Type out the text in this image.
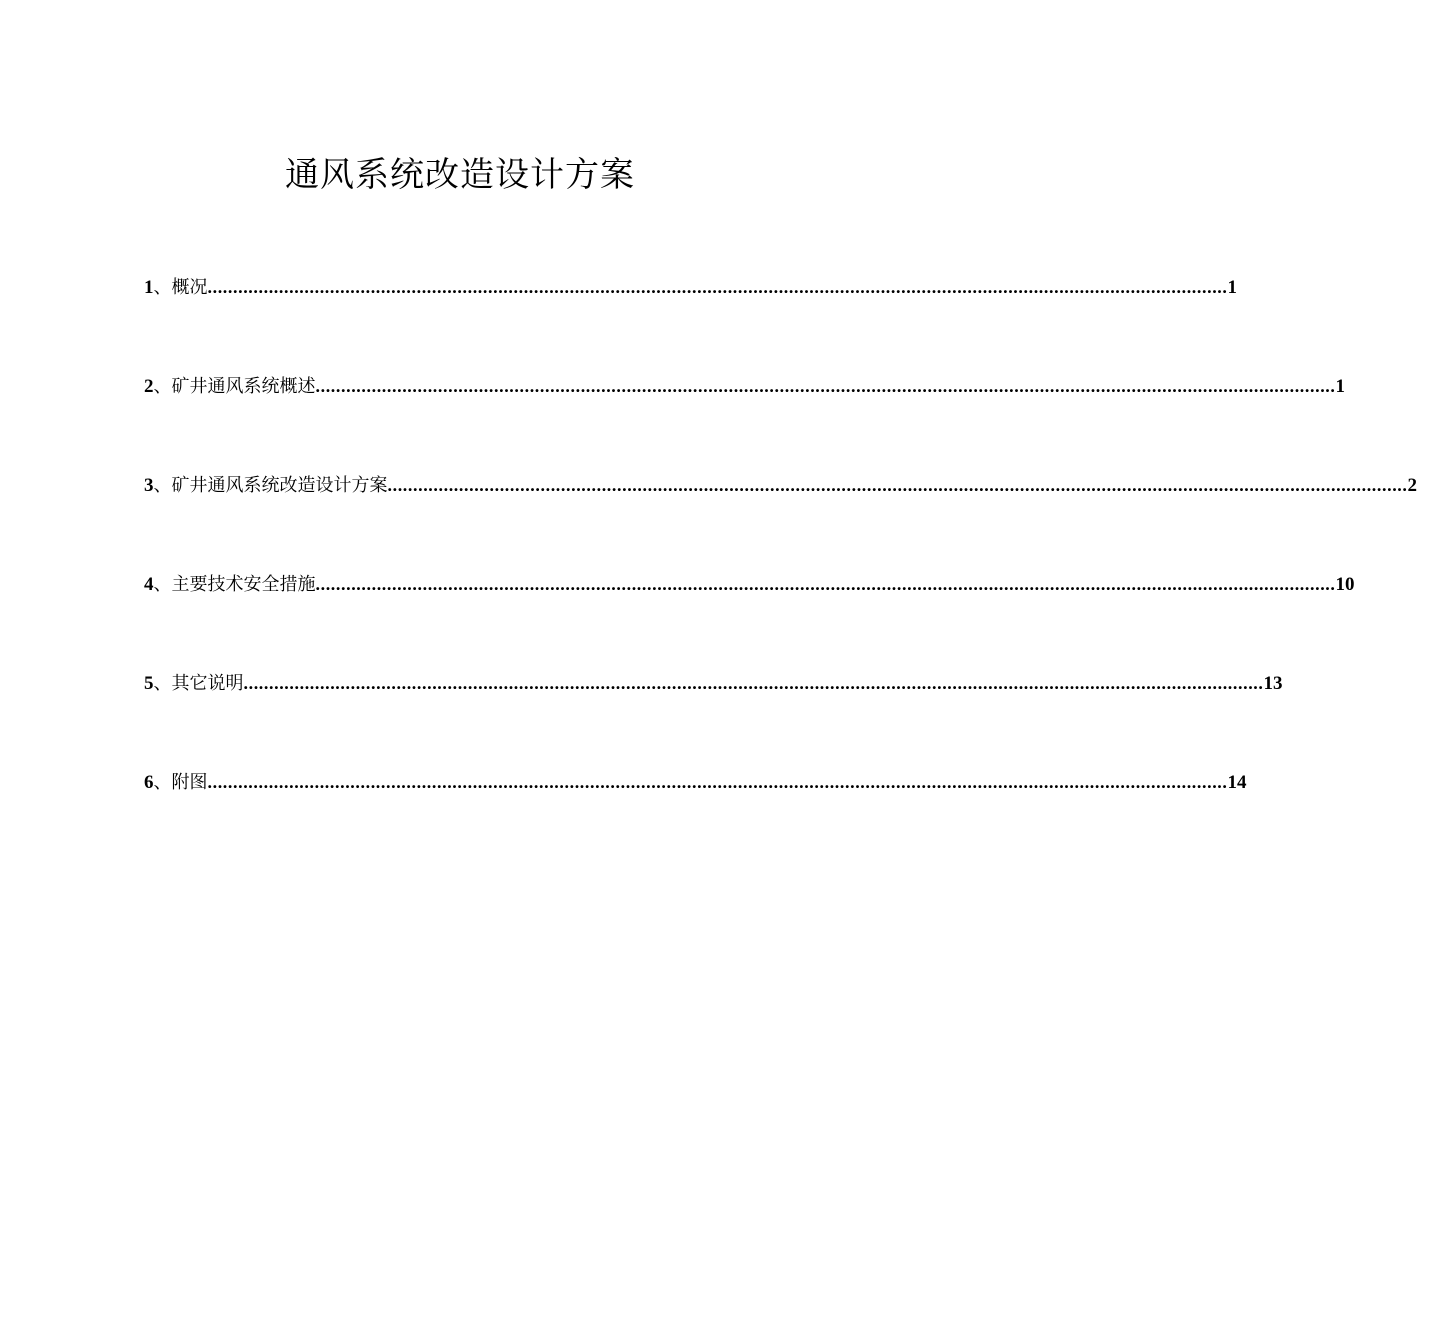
通风系统改造设计方案
1 、 概况 ........................................................................................................................................................................................................ 1
2 、 矿井通风系统概述 ........................................................................................................................................................................................................ 1
3 、 矿井通风系统改造设计方案 ........................................................................................................................................................................................................ 2
4 、 主要技术安全措施 ........................................................................................................................................................................................................ 10
5 、 其它说明 ........................................................................................................................................................................................................ 13
6 、 附图 ........................................................................................................................................................................................................ 14
